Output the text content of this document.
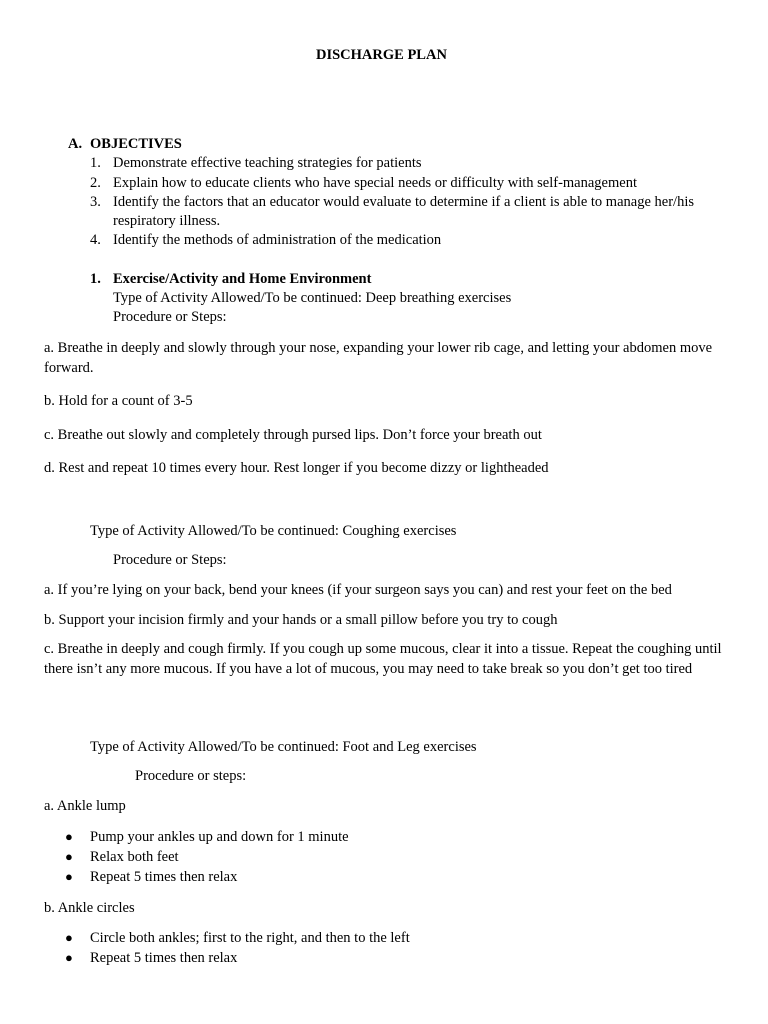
DISCHARGE PLAN
A. OBJECTIVES
1. Demonstrate effective teaching strategies for patients
2. Explain how to educate clients who have special needs or difficulty with self-management
3. Identify the factors that an educator would evaluate to determine if a client is able to manage her/his respiratory illness.
4. Identify the methods of administration of the medication
1. Exercise/Activity and Home Environment
Type of Activity Allowed/To be continued: Deep breathing exercises
Procedure or Steps:
a. Breathe in deeply and slowly through your nose, expanding your lower rib cage, and letting your abdomen move forward.
b. Hold for a count of 3-5
c. Breathe out slowly and completely through pursed lips. Don’t force your breath out
d. Rest and repeat 10 times every hour. Rest longer if you become dizzy or lightheaded
Type of Activity Allowed/To be continued: Coughing exercises
Procedure or Steps:
a. If you’re lying on your back, bend your knees (if your surgeon says you can) and rest your feet on the bed
b. Support your incision firmly and your hands or a small pillow before you try to cough
c. Breathe in deeply and cough firmly. If you cough up some mucous, clear it into a tissue. Repeat the coughing until there isn’t any more mucous. If you have a lot of mucous, you may need to take break so you don’t get too tired
Type of Activity Allowed/To be continued: Foot and Leg exercises
Procedure or steps:
a. Ankle lump
● Pump your ankles up and down for 1 minute
● Relax both feet
● Repeat 5 times then relax
b. Ankle circles
● Circle both ankles; first to the right, and then to the left
● Repeat 5 times then relax
